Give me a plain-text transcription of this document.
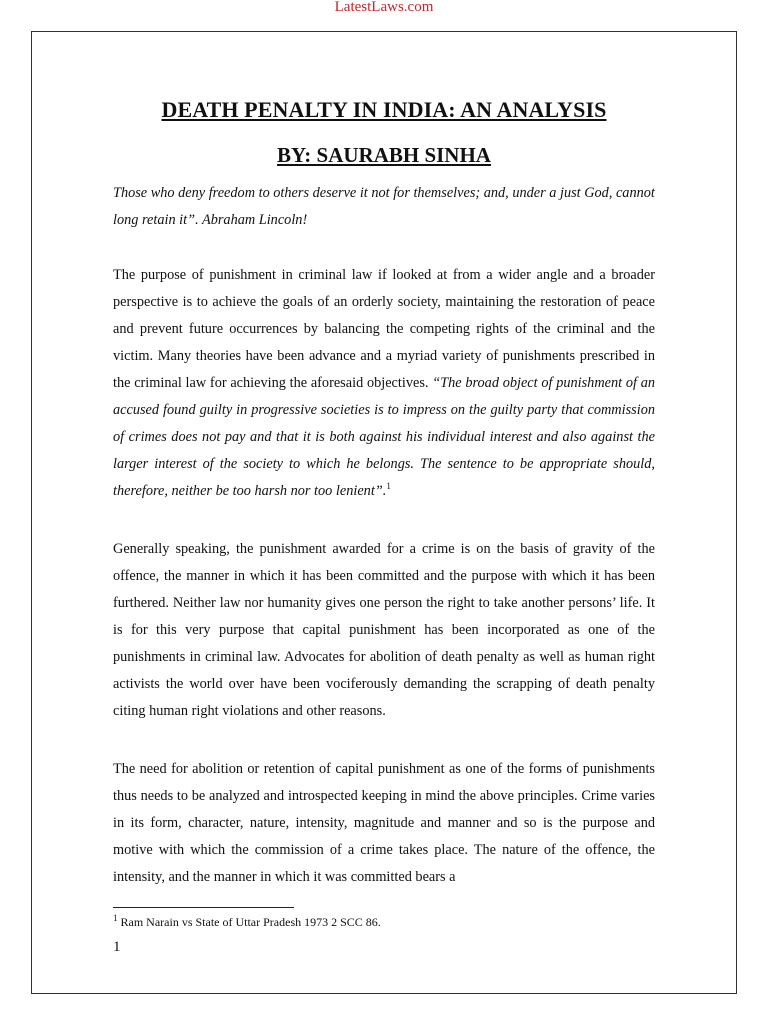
LatestLaws.com
DEATH PENALTY IN INDIA: AN ANALYSIS
BY: SAURABH SINHA

Those who deny freedom to others deserve it not for themselves; and, under a just God, cannot long retain it”. Abraham Lincoln!

The purpose of punishment in criminal law if looked at from a wider angle and a broader perspective is to achieve the goals of an orderly society, maintaining the restoration of peace and prevent future occurrences by balancing the competing rights of the criminal and the victim. Many theories have been advance and a myriad variety of punishments prescribed in the criminal law for achieving the aforesaid objectives. “The broad object of punishment of an accused found guilty in progressive societies is to impress on the guilty party that commission of crimes does not pay and that it is both against his individual interest and also against the larger interest of the society to which he belongs. The sentence to be appropriate should, therefore, neither be too harsh nor too lenient”.$^1$

Generally speaking, the punishment awarded for a crime is on the basis of gravity of the offence, the manner in which it has been committed and the purpose with which it has been furthered. Neither law nor humanity gives one person the right to take another persons’ life. It is for this very purpose that capital punishment has been incorporated as one of the punishments in criminal law. Advocates for abolition of death penalty as well as human right activists the world over have been vociferously demanding the scrapping of death penalty citing human right violations and other reasons.

The need for abolition or retention of capital punishment as one of the forms of punishments thus needs to be analyzed and introspected keeping in mind the above principles. Crime varies in its form, character, nature, intensity, magnitude and manner and so is the purpose and motive with which the commission of a crime takes place. The nature of the offence, the intensity, and the manner in which it was committed bears a

$^1$ Ram Narain vs State of Uttar Pradesh 1973 2 SCC 86.
1
